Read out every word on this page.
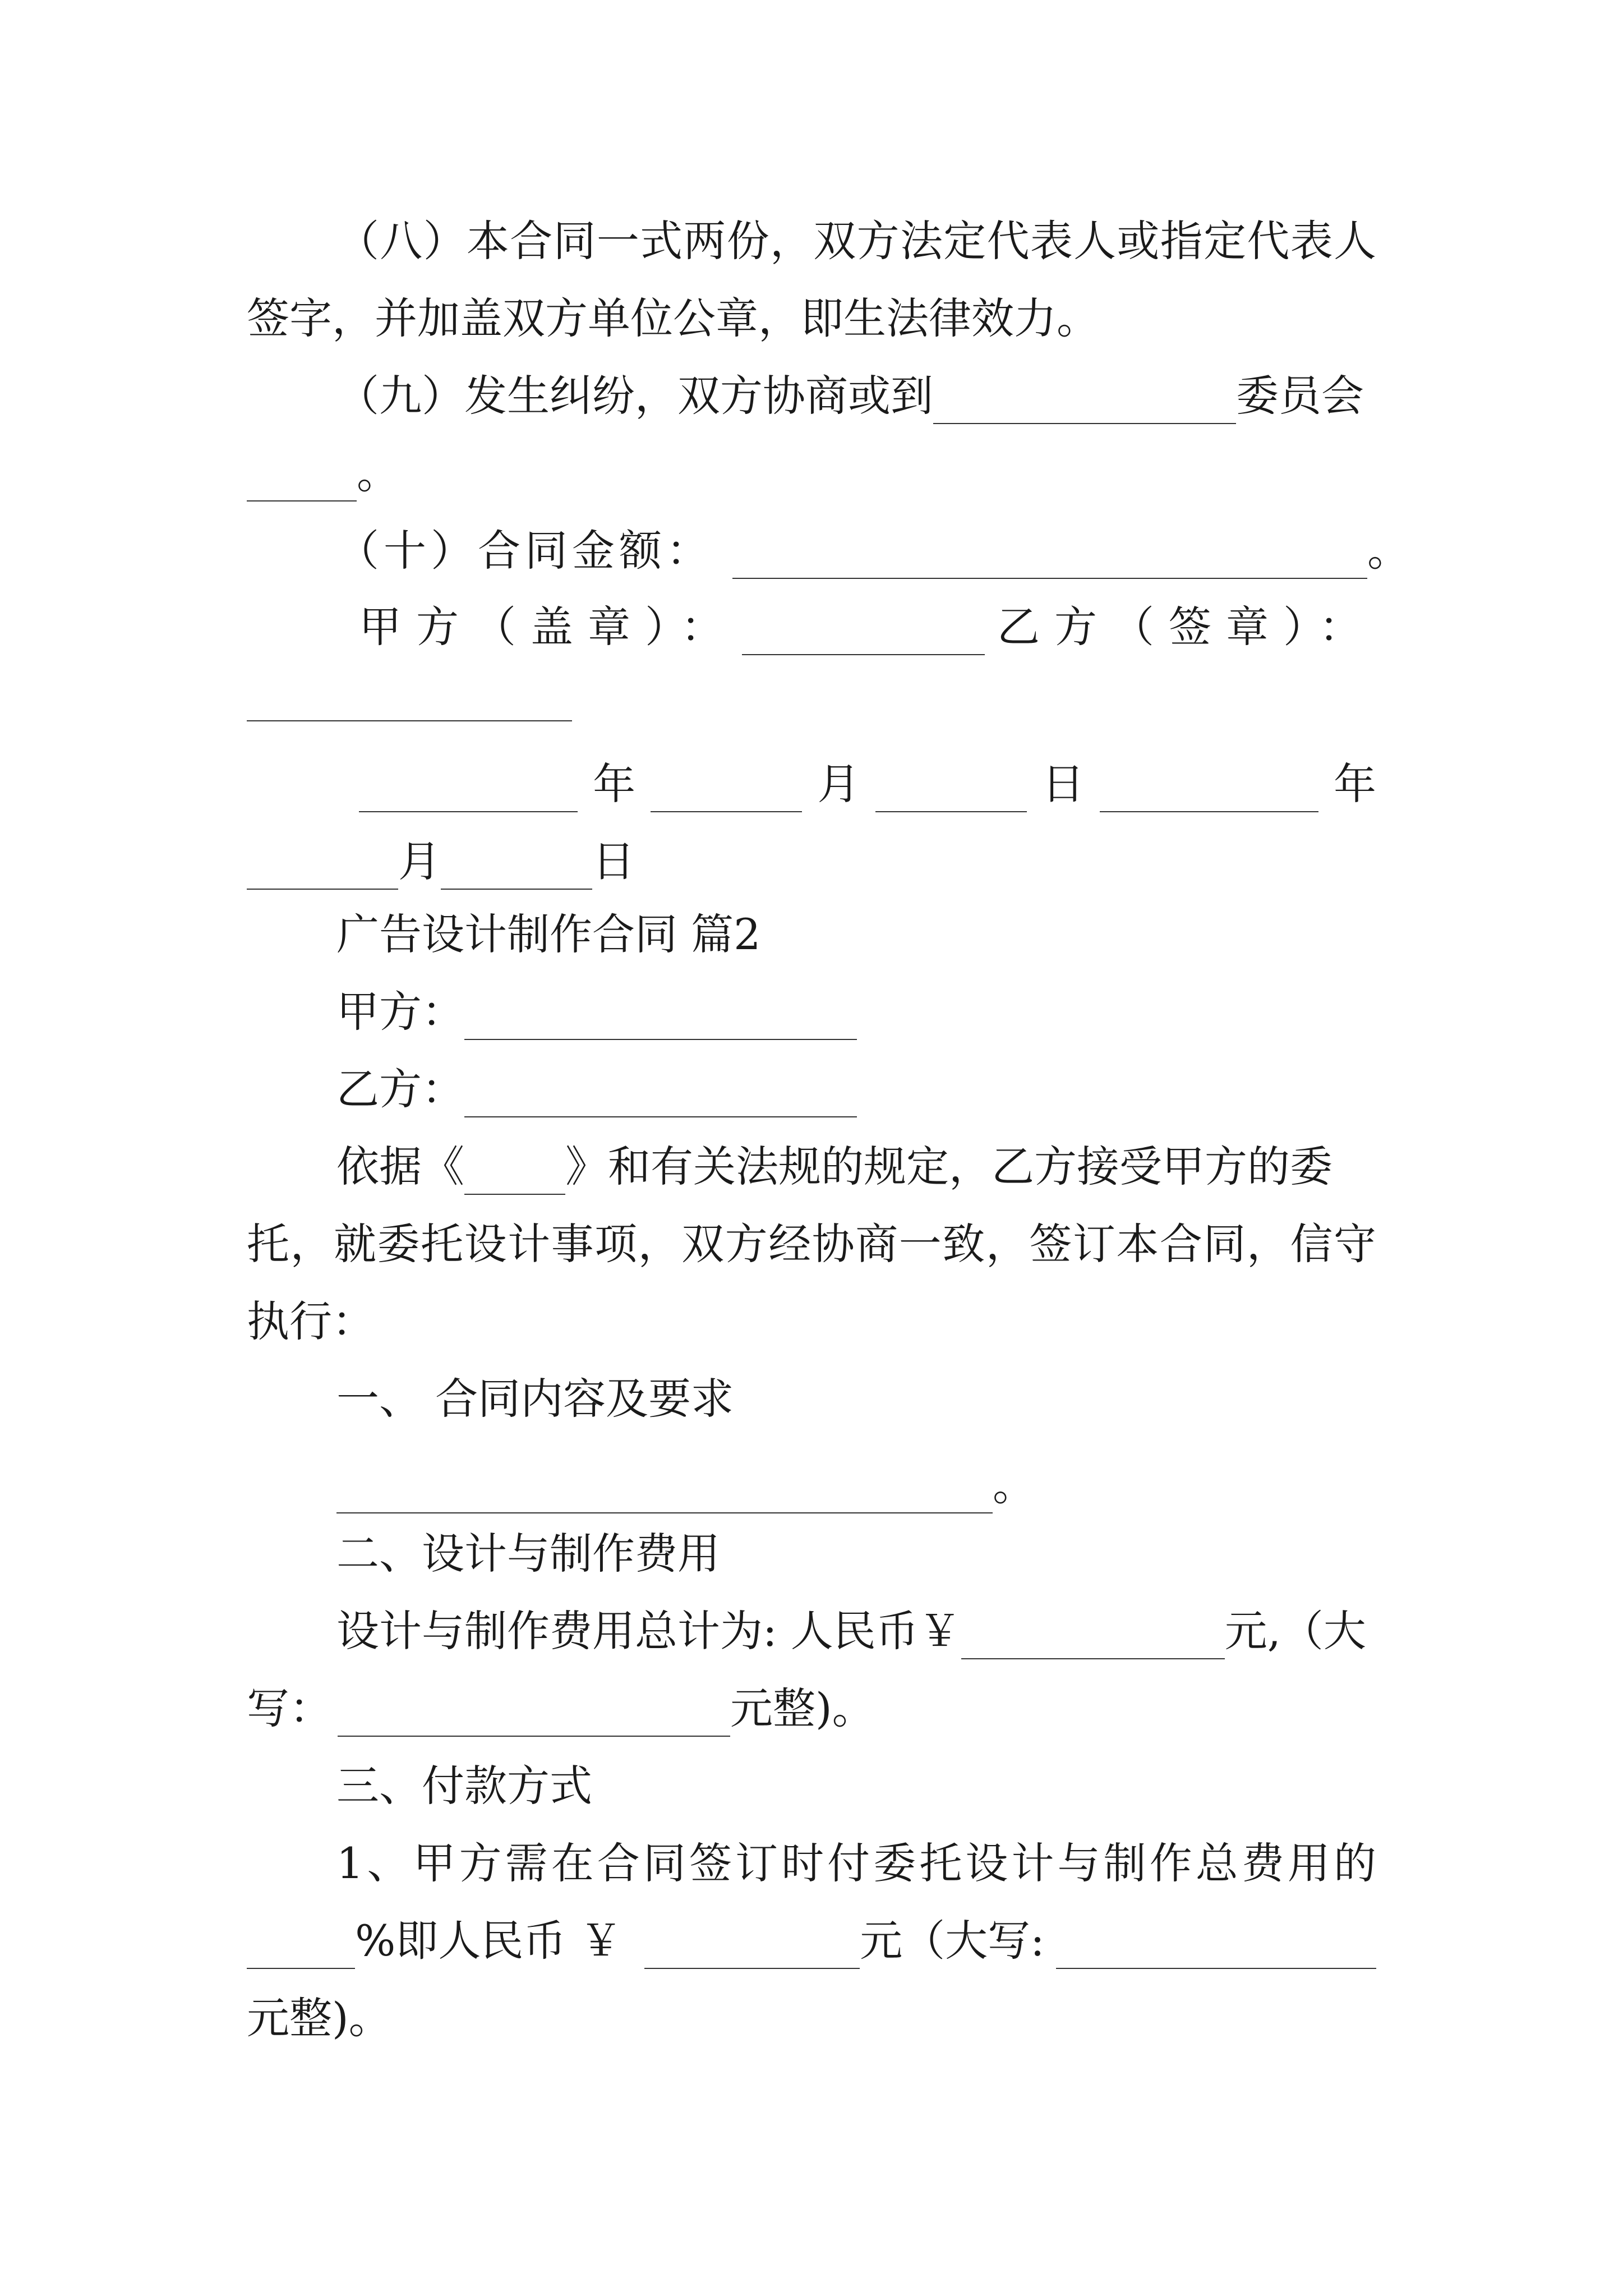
（八）本合同一式两份，双方法定代表人或指定代表人
签字，并加盖双方单位公章，即生法律效力。
（九）发生纠纷，双方协商或到	委员会
。
（十）合同金额：	。
甲方（盖章）：	乙方（签章）：
年	月	日	年
月	日
广告设计制作合同 篇2
甲方：
乙方：
依据《 》和有关法规的规定，乙方接受甲方的委
托，就委托设计事项，双方经协商一致，签订本合同，信守
执行：
一、 合同内容及要求
。
二、设计与制作费用
设计与制作费用总计为: 人民币￥	元,（大
写：	元整)。
三、付款方式
1、甲方需在合同签订时付委托设计与制作总费用的
%即人民币 ￥	元（大写:
元整)。
